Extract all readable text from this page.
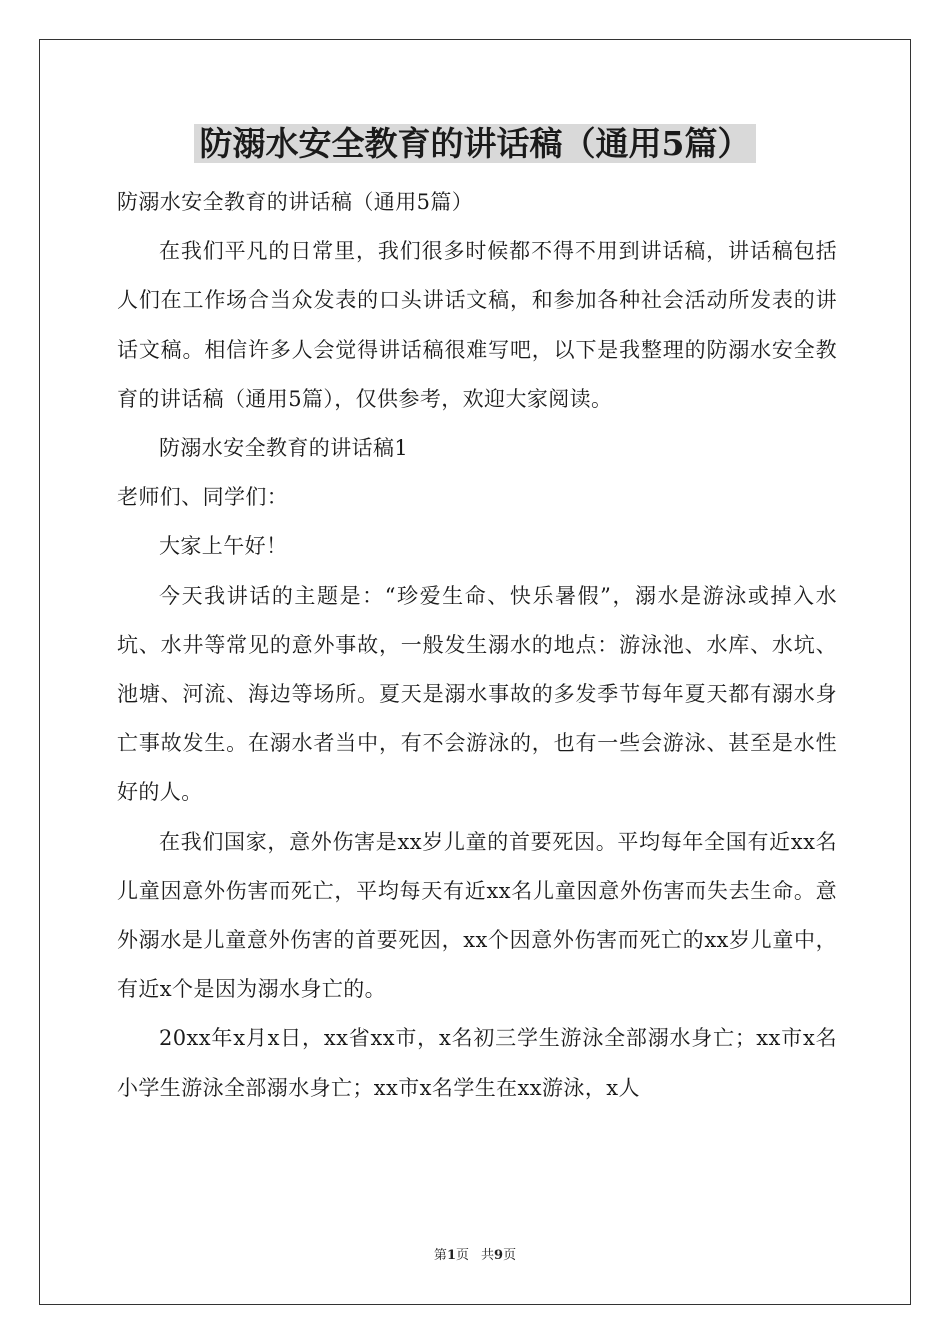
防溺水安全教育的讲话稿（通用5篇）

防溺水安全教育的讲话稿（通用5篇）

在我们平凡的日常里，我们很多时候都不得不用到讲话稿，讲话稿包括人们在工作场合当众发表的口头讲话文稿，和参加各种社会活动所发表的讲话文稿。相信许多人会觉得讲话稿很难写吧，以下是我整理的防溺水安全教育的讲话稿（通用5篇），仅供参考，欢迎大家阅读。

防溺水安全教育的讲话稿1

老师们、同学们：

大家上午好！

今天我讲话的主题是：“珍爱生命、快乐暑假”，溺水是游泳或掉入水坑、水井等常见的意外事故，一般发生溺水的地点：游泳池、水库、水坑、池塘、河流、海边等场所。夏天是溺水事故的多发季节每年夏天都有溺水身亡事故发生。在溺水者当中，有不会游泳的，也有一些会游泳、甚至是水性好的人。

在我们国家，意外伤害是xx岁儿童的首要死因。平均每年全国有近xx名儿童因意外伤害而死亡，平均每天有近xx名儿童因意外伤害而失去生命。意外溺水是儿童意外伤害的首要死因，xx个因意外伤害而死亡的xx岁儿童中，有近x个是因为溺水身亡的。

20xx年x月x日，xx省xx市，x名初三学生游泳全部溺水身亡；xx市x名小学生游泳全部溺水身亡；xx市x名学生在xx游泳，x人

第1页 共9页
